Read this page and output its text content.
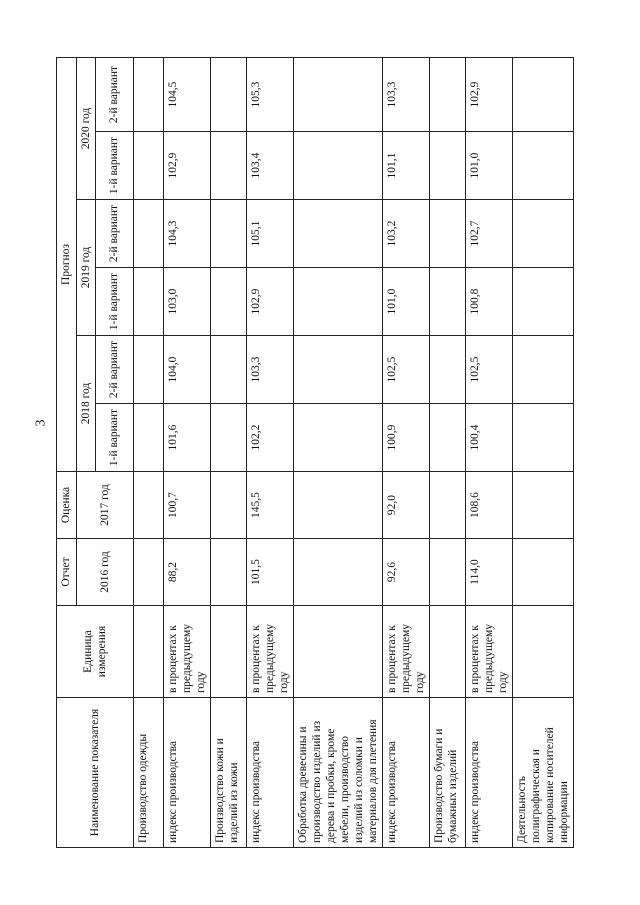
3
Наименование показателя	Единица измерения	Отчет	Оценка	Прогноз					
		2016 год	2017 год	2018 год		2019 год		2020 год	
				1-й вариант	2-й вариант	1-й вариант	2-й вариант	1-й вариант	2-й вариант
Производство одежды									
индекс производства	в процентах к предыдущему году	88,2	100,7	101,6	104,0	103,0	104,3	102,9	104,5
Производство кожи и изделий из кожи									
индекс производства	в процентах к предыдущему году	101,5	145,5	102,2	103,3	102,9	105,1	103,4	105,3
Обработка древесины и производство изделий из дерева и пробки, кроме мебели, производство изделий из соломки и материалов для плетения									
индекс производства	в процентах к предыдущему году	92,6	92,0	100,9	102,5	101,0	103,2	101,1	103,3
Производство бумаги и бумажных изделий									
индекс производства	в процентах к предыдущему году	114,0	108,6	100,4	102,5	100,8	102,7	101,0	102,9
Деятельность полиграфическая и копирование носителей информации									
